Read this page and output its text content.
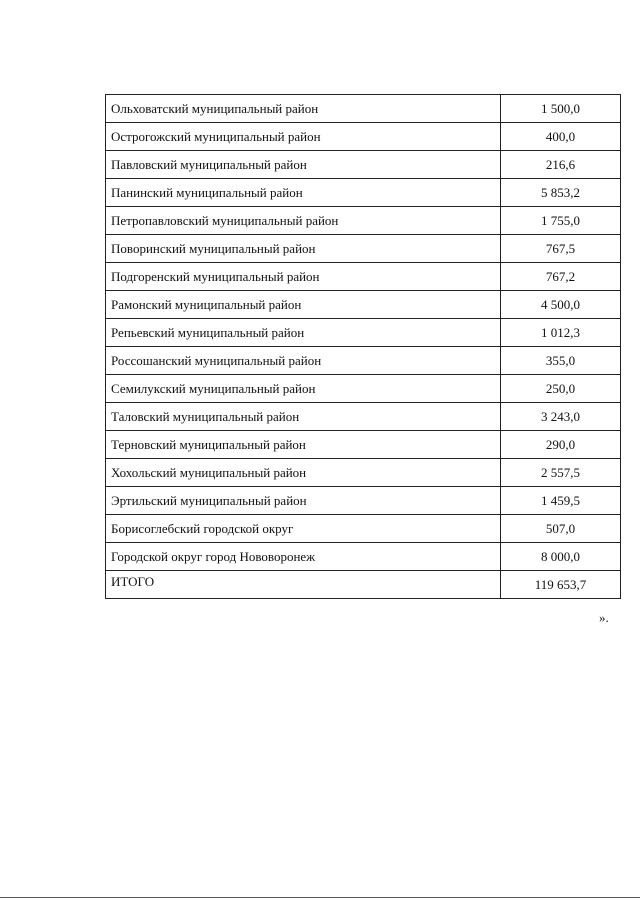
Ольховатский муниципальный район	1 500,0
Острогожский муниципальный район	400,0
Павловский муниципальный район	216,6
Панинский муниципальный район	5 853,2
Петропавловский муниципальный район	1 755,0
Поворинский муниципальный район	767,5
Подгоренский муниципальный район	767,2
Рамонский муниципальный район	4 500,0
Репьевский муниципальный район	1 012,3
Россошанский муниципальный район	355,0
Семилукский муниципальный район	250,0
Таловский муниципальный район	3 243,0
Терновский муниципальный район	290,0
Хохольский муниципальный район	2 557,5
Эртильский муниципальный район	1 459,5
Борисоглебский городской округ	507,0
Городской округ город Нововоронеж	8 000,0
ИТОГО	119 653,7
».
